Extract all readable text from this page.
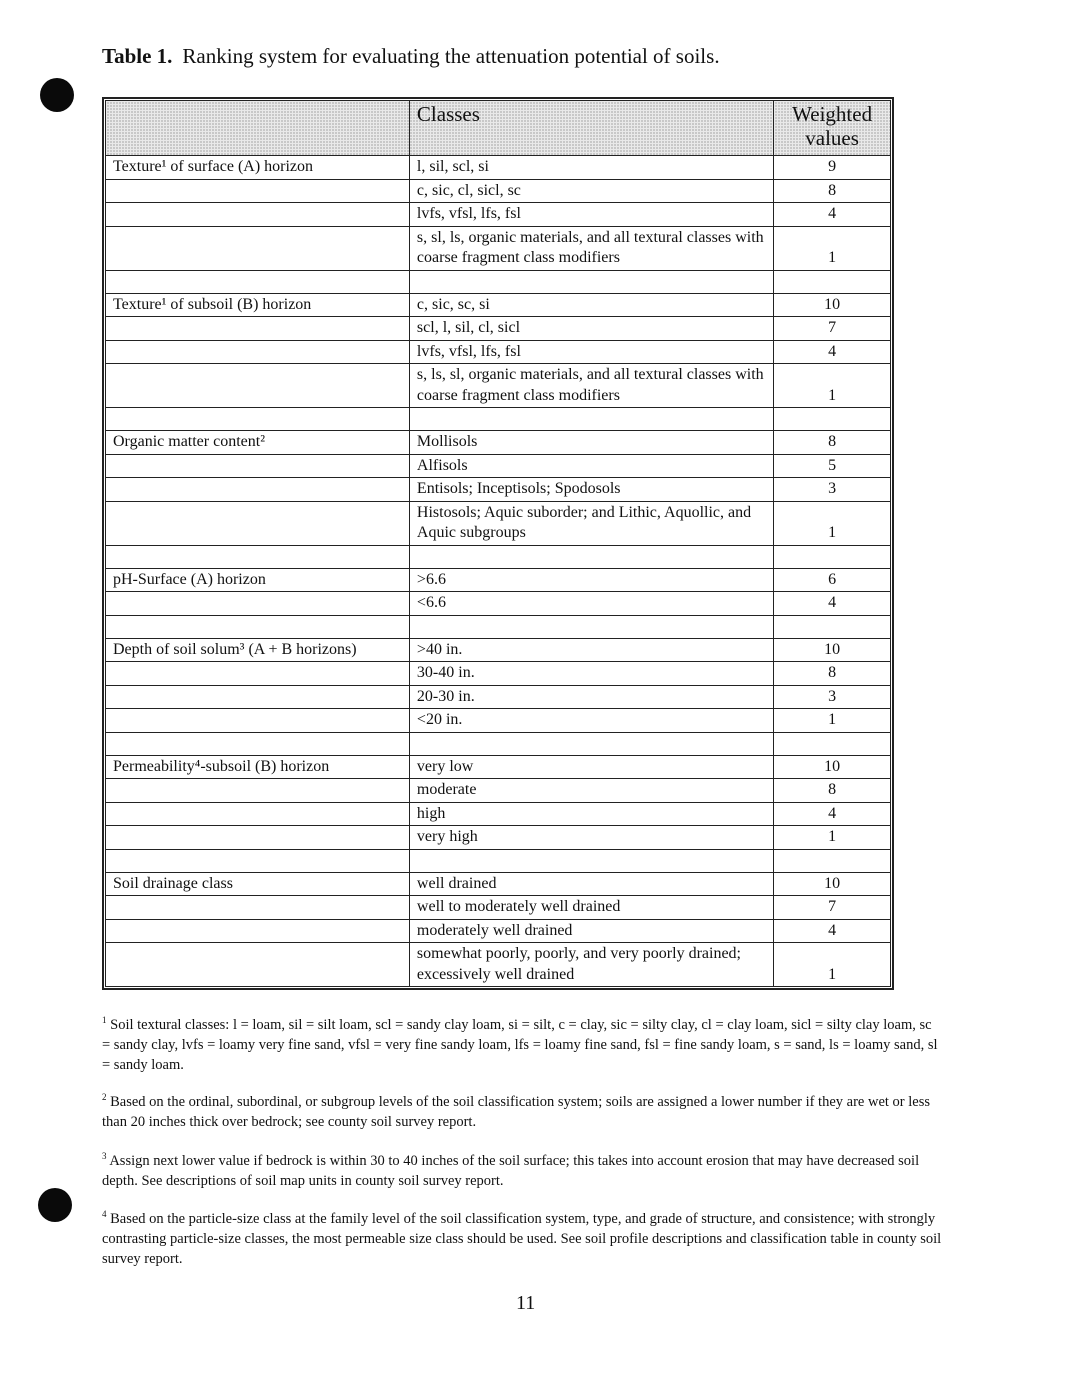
Table 1. Ranking system for evaluating the attenuation potential of soils.
	Classes	Weighted values
Texture¹ of surface (A) horizon	l, sil, scl, si	9
	c, sic, cl, sicl, sc	8
	lvfs, vfsl, lfs, fsl	4
	s, sl, ls, organic materials, and all textural classes with coarse fragment class modifiers	1

Texture¹ of subsoil (B) horizon	c, sic, sc, si	10
	scl, l, sil, cl, sicl	7
	lvfs, vfsl, lfs, fsl	4
	s, ls, sl, organic materials, and all textural classes with coarse fragment class modifiers	1

Organic matter content²	Mollisols	8
	Alfisols	5
	Entisols; Inceptisols; Spodosols	3
	Histosols; Aquic suborder; and Lithic, Aquollic, and Aquic subgroups	1

pH-Surface (A) horizon	>6.6	6
	<6.6	4

Depth of soil solum³ (A + B horizons)	>40 in.	10
	30-40 in.	8
	20-30 in.	3
	<20 in.	1

Permeability⁴-subsoil (B) horizon	very low	10
	moderate	8
	high	4
	very high	1

Soil drainage class	well drained	10
	well to moderately well drained	7
	moderately well drained	4
	somewhat poorly, poorly, and very poorly drained; excessively well drained	1
$^1$ Soil textural classes: l = loam, sil = silt loam, scl = sandy clay loam, si = silt, c = clay, sic = silty clay, cl = clay loam, sicl = silty clay loam, sc = sandy clay, lvfs = loamy very fine sand, vfsl = very fine sandy loam, lfs = loamy fine sand, fsl = fine sandy loam, s = sand, ls = loamy sand, sl = sandy loam.
$^2$ Based on the ordinal, subordinal, or subgroup levels of the soil classification system; soils are assigned a lower number if they are wet or less than 20 inches thick over bedrock; see county soil survey report.
$^3$ Assign next lower value if bedrock is within 30 to 40 inches of the soil surface; this takes into account erosion that may have decreased soil depth. See descriptions of soil map units in county soil survey report.
$^4$ Based on the particle-size class at the family level of the soil classification system, type, and grade of structure, and consistence; with strongly contrasting particle-size classes, the most permeable size class should be used. See soil profile descriptions and classification table in county soil survey report.
11
